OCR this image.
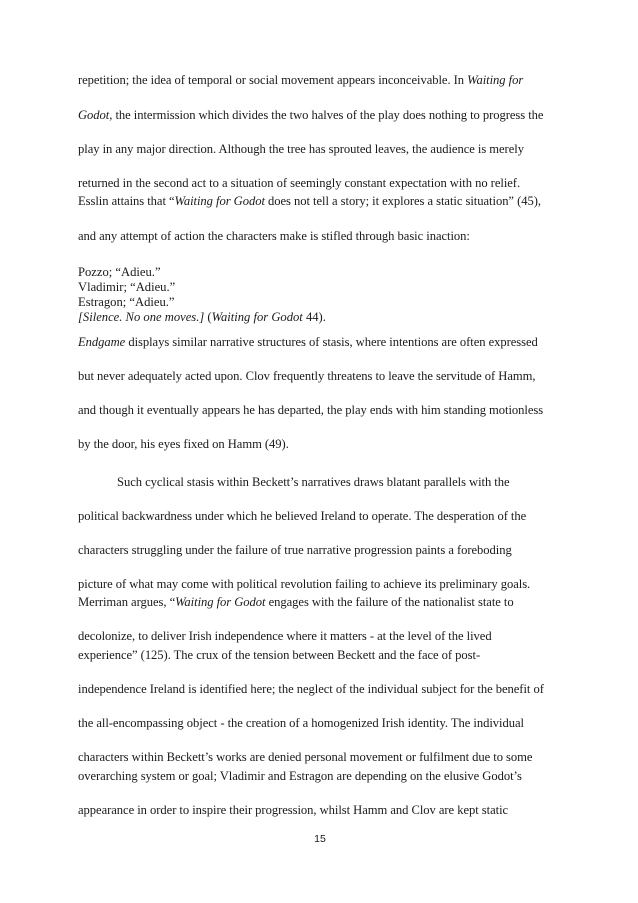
repetition; the idea of temporal or social movement appears inconceivable. In Waiting for
Godot, the intermission which divides the two halves of the play does nothing to progress the
play in any major direction. Although the tree has sprouted leaves, the audience is merely
returned in the second act to a situation of seemingly constant expectation with no relief.
Esslin attains that “Waiting for Godot does not tell a story; it explores a static situation” (45),
and any attempt of action the characters make is stifled through basic inaction:
Pozzo; “Adieu.”
Vladimir; “Adieu.”
Estragon; “Adieu.”
[Silence. No one moves.] (Waiting for Godot 44).
Endgame displays similar narrative structures of stasis, where intentions are often expressed
but never adequately acted upon. Clov frequently threatens to leave the servitude of Hamm,
and though it eventually appears he has departed, the play ends with him standing motionless
by the door, his eyes fixed on Hamm (49).
Such cyclical stasis within Beckett’s narratives draws blatant parallels with the
political backwardness under which he believed Ireland to operate. The desperation of the
characters struggling under the failure of true narrative progression paints a foreboding
picture of what may come with political revolution failing to achieve its preliminary goals.
Merriman argues, “Waiting for Godot engages with the failure of the nationalist state to
decolonize, to deliver Irish independence where it matters - at the level of the lived
experience” (125). The crux of the tension between Beckett and the face of post-
independence Ireland is identified here; the neglect of the individual subject for the benefit of
the all-encompassing object - the creation of a homogenized Irish identity. The individual
characters within Beckett’s works are denied personal movement or fulfilment due to some
overarching system or goal; Vladimir and Estragon are depending on the elusive Godot’s
appearance in order to inspire their progression, whilst Hamm and Clov are kept static
15
